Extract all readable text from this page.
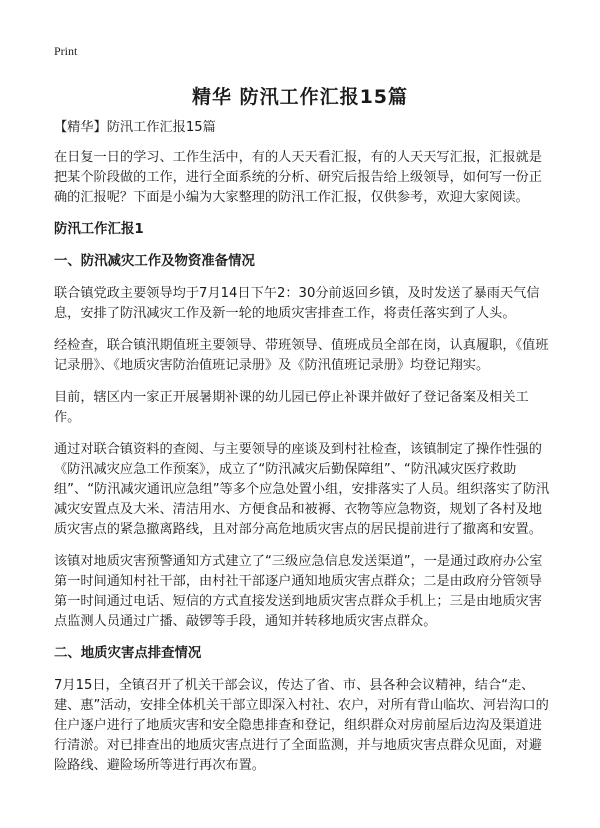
Print
精华 防汛工作汇报15篇

【精华】防汛工作汇报15篇

在日复一日的学习、工作生活中，有的人天天看汇报，有的人天天写汇报，汇报就是把某个阶段做的工作，进行全面系统的分析、研究后报告给上级领导，如何写一份正确的汇报呢？下面是小编为大家整理的防汛工作汇报，仅供参考，欢迎大家阅读。

防汛工作汇报1
一、防汛减灾工作及物资准备情况

联合镇党政主要领导均于7月14日下午2：30分前返回乡镇，及时发送了暴雨天气信息，安排了防汛减灾工作及新一轮的地质灾害排查工作，将责任落实到了人头。

经检查，联合镇汛期值班主要领导、带班领导、值班成员全部在岗，认真履职，《值班记录册》、《地质灾害防治值班记录册》及《防汛值班记录册》均登记翔实。

目前，辖区内一家正开展暑期补课的幼儿园已停止补课并做好了登记备案及相关工作。

通过对联合镇资料的查阅、与主要领导的座谈及到村社检查，该镇制定了操作性强的《防汛减灾应急工作预案》，成立了“防汛减灾后勤保障组”、“防汛减灾医疗救助组”、“防汛减灾通讯应急组”等多个应急处置小组，安排落实了人员。组织落实了防汛减灾安置点及大米、清洁用水、方便食品和被褥、衣物等应急物资，规划了各村及地质灾害点的紧急撤离路线，且对部分高危地质灾害点的居民提前进行了撤离和安置。

该镇对地质灾害预警通知方式建立了“三级应急信息发送渠道”，一是通过政府办公室第一时间通知村社干部，由村社干部逐户通知地质灾害点群众；二是由政府分管领导第一时间通过电话、短信的方式直接发送到地质灾害点群众手机上；三是由地质灾害点监测人员通过广播、敲锣等手段，通知并转移地质灾害点群众。

二、地质灾害点排查情况

7月15日，全镇召开了机关干部会议，传达了省、市、县各种会议精神，结合“走、建、惠”活动，安排全体机关干部立即深入村社、农户，对所有背山临坎、河岩沟口的住户逐户进行了地质灾害和安全隐患排查和登记，组织群众对房前屋后边沟及渠道进行清淤。对已排查出的地质灾害点进行了全面监测，并与地质灾害点群众见面，对避险路线、避险场所等进行再次布置。
